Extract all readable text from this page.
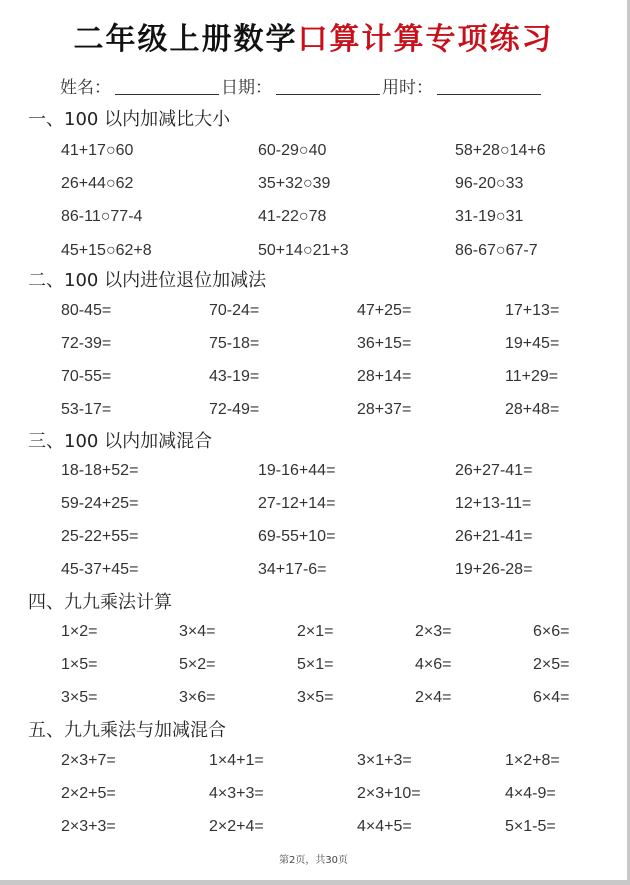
二年级上册数学口算计算专项练习
姓名：	日期：	用时：
一、100 以内加减比大小
41+17○60	60-29○40	58+28○14+6
26+44○62	35+32○39	96-20○33
86-11○77-4	41-22○78	31-19○31
45+15○62+8	50+14○21+3	86-67○67-7
二、100 以内进位退位加减法
80-45=	70-24=	47+25=	17+13=
72-39=	75-18=	36+15=	19+45=
70-55=	43-19=	28+14=	11+29=
53-17=	72-49=	28+37=	28+48=
三、100 以内加减混合
18-18+52=	19-16+44=	26+27-41=
59-24+25=	27-12+14=	12+13-11=
25-22+55=	69-55+10=	26+21-41=
45-37+45=	34+17-6=	19+26-28=
四、九九乘法计算
1×2=	3×4=	2×1=	2×3=	6×6=
1×5=	5×2=	5×1=	4×6=	2×5=
3×5=	3×6=	3×5=	2×4=	6×4=
五、九九乘法与加减混合
2×3+7=	1×4+1=	3×1+3=	1×2+8=
2×2+5=	4×3+3=	2×3+10=	4×4-9=
2×3+3=	2×2+4=	4×4+5=	5×1-5=
第2页，共30页
